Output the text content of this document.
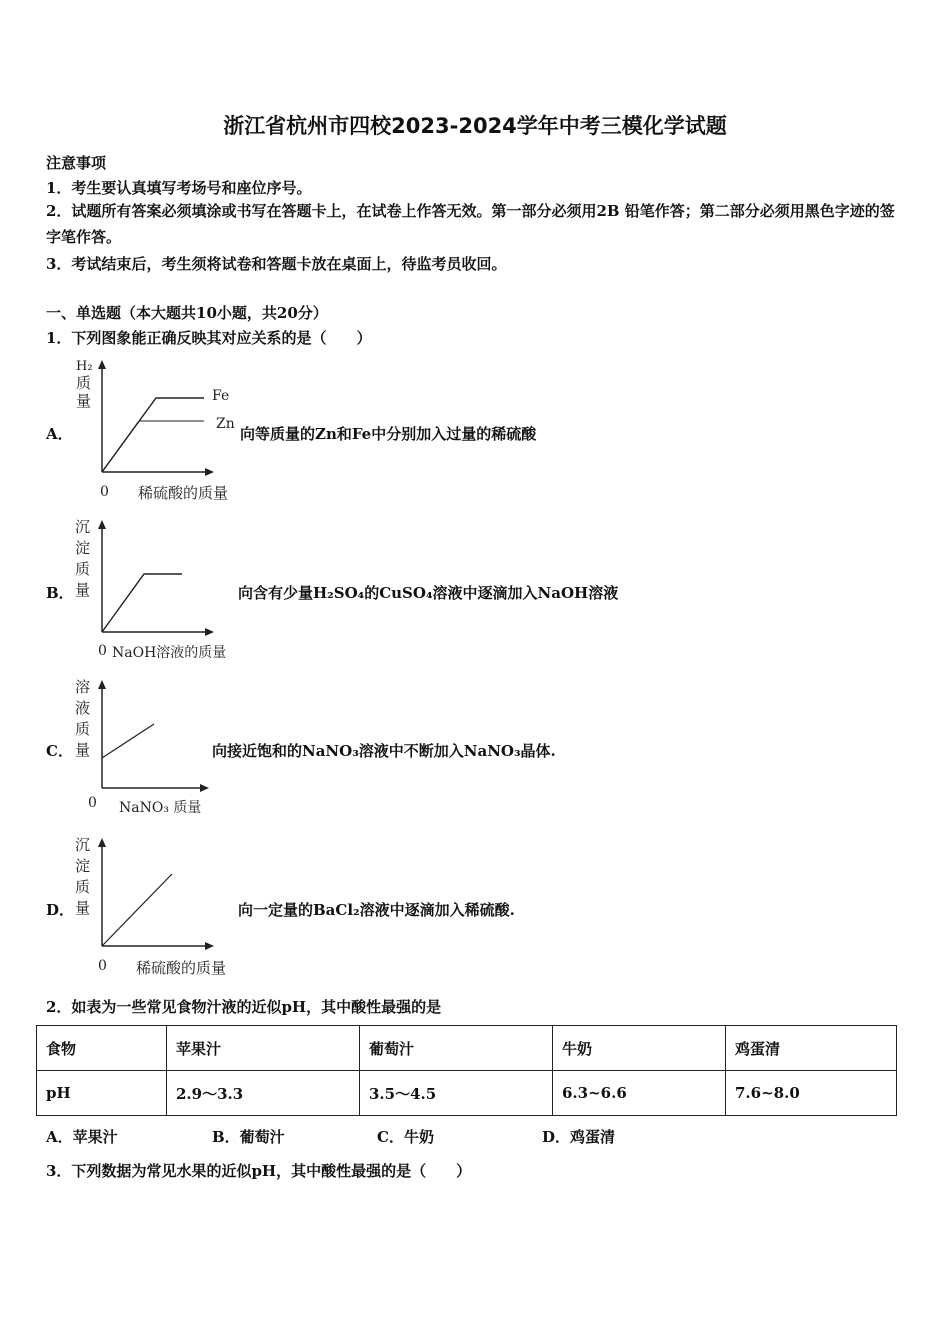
浙江省杭州市四校2023-2024学年中考三模化学试题
注意事项
1．考生要认真填写考场号和座位序号。
2．试题所有答案必须填涂或书写在答题卡上，在试卷上作答无效。第一部分必须用2B 铅笔作答；第二部分必须用黑色字迹的签字笔作答。
3．考试结束后，考生须将试卷和答题卡放在桌面上，待监考员收回。
一、单选题（本大题共10小题，共20分）
1．下列图象能正确反映其对应关系的是（　　）
A．
H₂
质
量	Fe
Zn
0 稀硫酸的质量
向等质量的Zn和Fe中分别加入过量的稀硫酸
B．
沉
淀
质
量
0 NaOH溶液的质量
向含有少量H₂SO₄的CuSO₄溶液中逐滴加入NaOH溶液
C．
溶
液
质
量
0 NaNO₃ 质量
向接近饱和的NaNO₃溶液中不断加入NaNO₃晶体.
D．
沉
淀
质
量
0 稀硫酸的质量
向一定量的BaCl₂溶液中逐滴加入稀硫酸.
2．如表为一些常见食物汁液的近似pH，其中酸性最强的是
食物	苹果汁	葡萄汁	牛奶	鸡蛋清
pH	2.9～3.3	3.5～4.5	6.3~6.6	7.6~8.0
A．苹果汁	B．葡萄汁	C．牛奶	D．鸡蛋清
3．下列数据为常见水果的近似pH，其中酸性最强的是（　　）
